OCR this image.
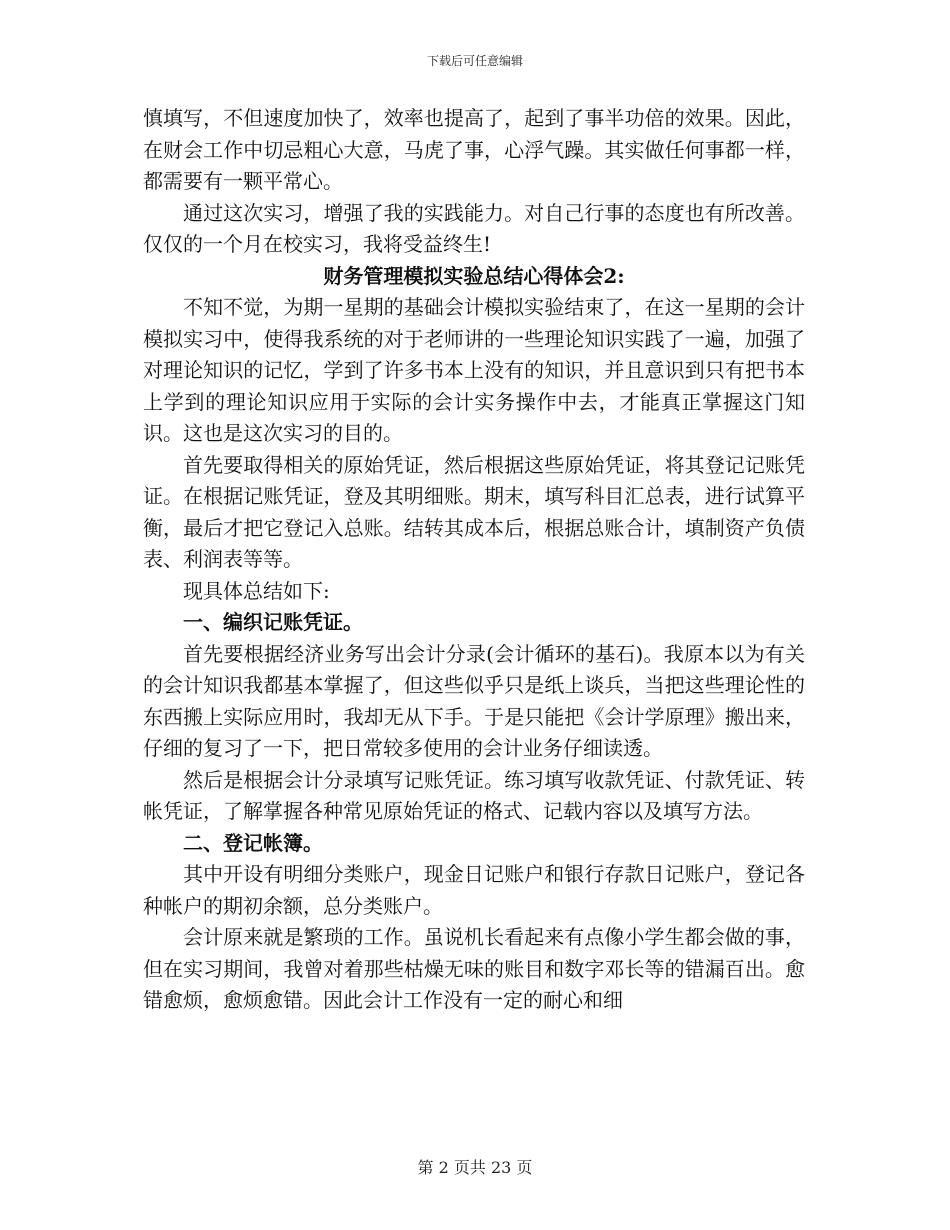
下载后可任意编辑

慎填写，不但速度加快了，效率也提高了，起到了事半功倍的效果。因此，在财会工作中切忌粗心大意，马虎了事，心浮气躁。其实做任何事都一样，都需要有一颗平常心。

通过这次实习，增强了我的实践能力。对自己行事的态度也有所改善。仅仅的一个月在校实习，我将受益终生!

财务管理模拟实验总结心得体会2:

不知不觉，为期一星期的基础会计模拟实验结束了，在这一星期的会计模拟实习中，使得我系统的对于老师讲的一些理论知识实践了一遍，加强了对理论知识的记忆，学到了许多书本上没有的知识，并且意识到只有把书本上学到的理论知识应用于实际的会计实务操作中去，才能真正掌握这门知识。这也是这次实习的目的。

首先要取得相关的原始凭证，然后根据这些原始凭证，将其登记记账凭证。在根据记账凭证，登及其明细账。期末，填写科目汇总表，进行试算平衡，最后才把它登记入总账。结转其成本后，根据总账合计，填制资产负债表、利润表等等。

现具体总结如下:

一、编织记账凭证。

首先要根据经济业务写出会计分录(会计循环的基石)。我原本以为有关的会计知识我都基本掌握了，但这些似乎只是纸上谈兵，当把这些理论性的东西搬上实际应用时，我却无从下手。于是只能把《会计学原理》搬出来，仔细的复习了一下，把日常较多使用的会计业务仔细读透。

然后是根据会计分录填写记账凭证。练习填写收款凭证、付款凭证、转帐凭证，了解掌握各种常见原始凭证的格式、记载内容以及填写方法。

二、登记帐簿。

其中开设有明细分类账户，现金日记账户和银行存款日记账户，登记各种帐户的期初余额，总分类账户。

会计原来就是繁琐的工作。虽说机长看起来有点像小学生都会做的事，但在实习期间，我曾对着那些枯燥无味的账目和数字邓长等的错漏百出。愈错愈烦，愈烦愈错。因此会计工作没有一定的耐心和细

第 2 页共 23 页
